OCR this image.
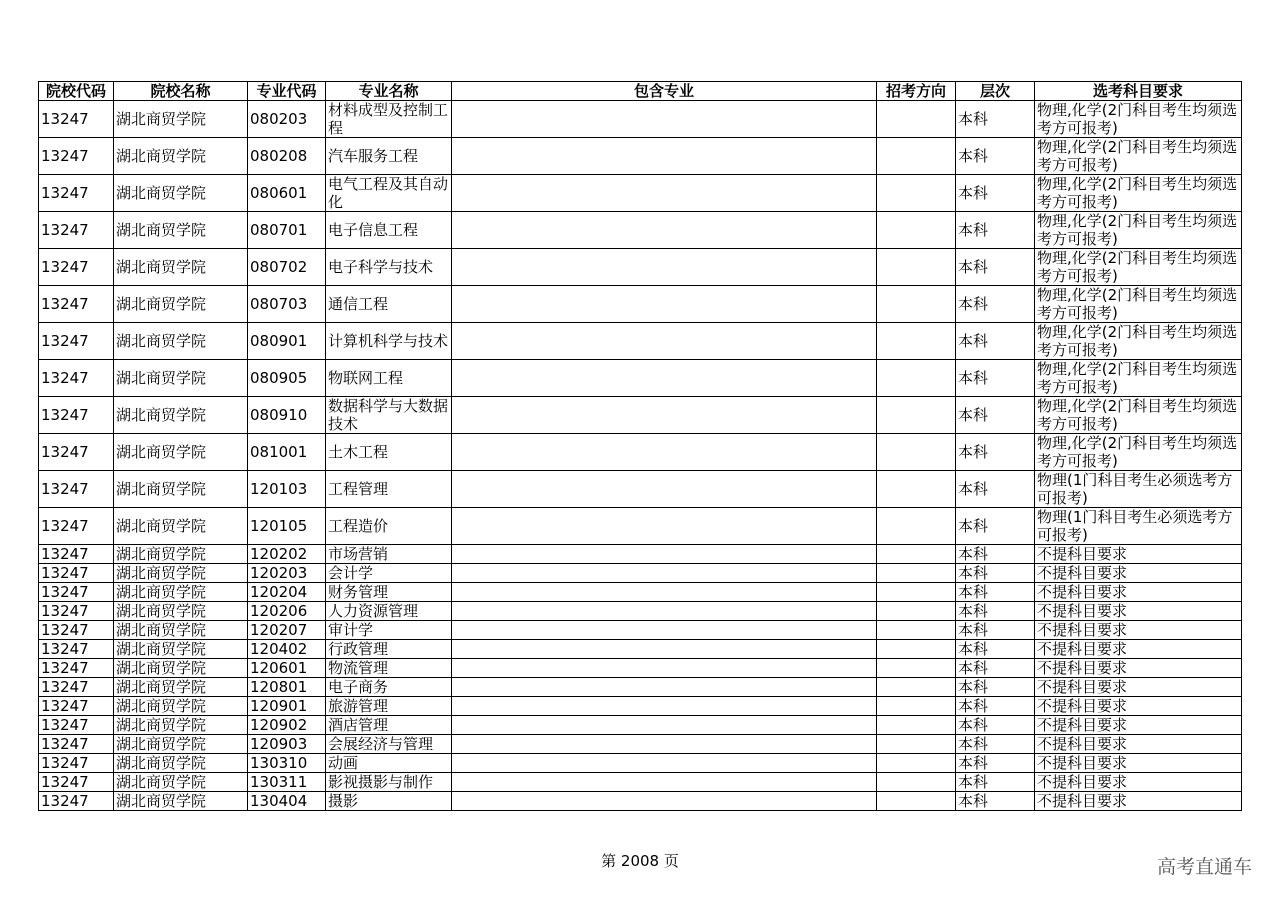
院校代码	院校名称	专业代码	专业名称	包含专业	招考方向	层次	选考科目要求
13247	湖北商贸学院	080203	材料成型及控制工程			本科	物理,化学(2门科目考生均须选考方可报考)
13247	湖北商贸学院	080208	汽车服务工程			本科	物理,化学(2门科目考生均须选考方可报考)
13247	湖北商贸学院	080601	电气工程及其自动化			本科	物理,化学(2门科目考生均须选考方可报考)
13247	湖北商贸学院	080701	电子信息工程			本科	物理,化学(2门科目考生均须选考方可报考)
13247	湖北商贸学院	080702	电子科学与技术			本科	物理,化学(2门科目考生均须选考方可报考)
13247	湖北商贸学院	080703	通信工程			本科	物理,化学(2门科目考生均须选考方可报考)
13247	湖北商贸学院	080901	计算机科学与技术			本科	物理,化学(2门科目考生均须选考方可报考)
13247	湖北商贸学院	080905	物联网工程			本科	物理,化学(2门科目考生均须选考方可报考)
13247	湖北商贸学院	080910	数据科学与大数据技术			本科	物理,化学(2门科目考生均须选考方可报考)
13247	湖北商贸学院	081001	土木工程			本科	物理,化学(2门科目考生均须选考方可报考)
13247	湖北商贸学院	120103	工程管理			本科	物理(1门科目考生必须选考方可报考)
13247	湖北商贸学院	120105	工程造价			本科	物理(1门科目考生必须选考方可报考)
13247	湖北商贸学院	120202	市场营销			本科	不提科目要求
13247	湖北商贸学院	120203	会计学			本科	不提科目要求
13247	湖北商贸学院	120204	财务管理			本科	不提科目要求
13247	湖北商贸学院	120206	人力资源管理			本科	不提科目要求
13247	湖北商贸学院	120207	审计学			本科	不提科目要求
13247	湖北商贸学院	120402	行政管理			本科	不提科目要求
13247	湖北商贸学院	120601	物流管理			本科	不提科目要求
13247	湖北商贸学院	120801	电子商务			本科	不提科目要求
13247	湖北商贸学院	120901	旅游管理			本科	不提科目要求
13247	湖北商贸学院	120902	酒店管理			本科	不提科目要求
13247	湖北商贸学院	120903	会展经济与管理			本科	不提科目要求
13247	湖北商贸学院	130310	动画			本科	不提科目要求
13247	湖北商贸学院	130311	影视摄影与制作			本科	不提科目要求
13247	湖北商贸学院	130404	摄影			本科	不提科目要求
第 2008 页	高考直通车
